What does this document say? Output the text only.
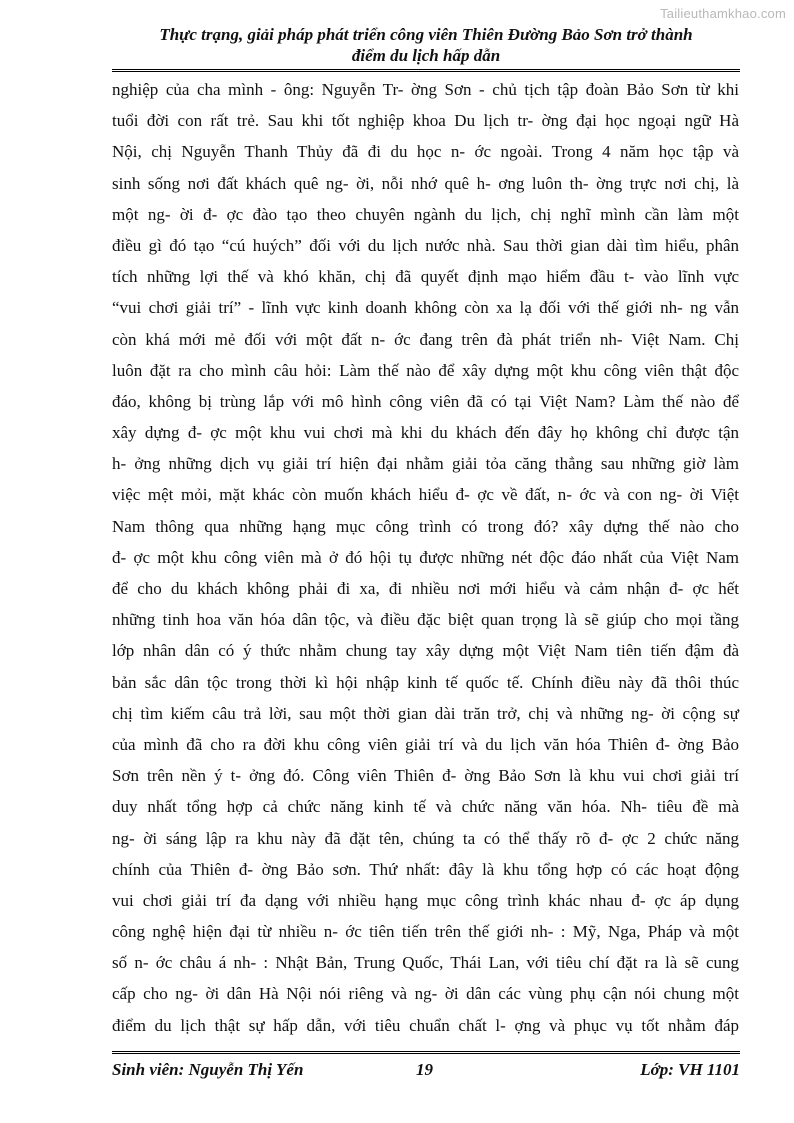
Tailieuthamkhao.com
Thực trạng, giải pháp phát triển công viên Thiên Đường Bảo Sơn trở thành
điểm du lịch hấp dẫn
nghiệp của cha mình - ông: Nguyễn Tr- ờng Sơn - chủ tịch tập đoàn Bảo Sơn từ khi
tuổi đời con rất trẻ. Sau khi tốt nghiệp khoa Du lịch tr- ờng đại học ngoại ngữ Hà
Nội, chị Nguyễn Thanh Thủy đã đi du học n- ớc ngoài. Trong 4 năm học tập và
sinh sống nơi đất khách quê ng- ời, nỗi nhớ quê h- ơng luôn th- ờng trực nơi chị, là
một ng- ời đ- ợc đào tạo theo chuyên ngành du lịch, chị nghĩ mình cần làm một
điều gì đó tạo “cú huých” đối với du lịch nước nhà. Sau thời gian dài tìm hiểu, phân
tích những lợi thế và khó khăn, chị đã quyết định mạo hiểm đầu t- vào lĩnh vực
“vui chơi giải trí” - lĩnh vực kinh doanh không còn xa lạ đối với thế giới nh- ng vẫn
còn khá mới mẻ đối với một đất n- ớc đang trên đà phát triển nh- Việt Nam. Chị
luôn đặt ra cho mình câu hỏi: Làm thế nào để xây dựng một khu công viên thật độc
đáo, không bị trùng lắp với mô hình công viên đã có tại Việt Nam? Làm thế nào để
xây dựng đ- ợc một khu vui chơi mà khi du khách đến đây họ không chỉ được tận
h- ởng những dịch vụ giải trí hiện đại nhằm giải tỏa căng thẳng sau những giờ làm
việc mệt mỏi, mặt khác còn muốn khách hiểu đ- ợc về đất, n- ớc và con ng- ời Việt
Nam thông qua những hạng mục công trình có trong đó? xây dựng thế nào cho
đ- ợc một khu công viên mà ở đó hội tụ được những nét độc đáo nhất của Việt Nam
để cho du khách không phải đi xa, đi nhiều nơi mới hiểu và cảm nhận đ- ợc hết
những tinh hoa văn hóa dân tộc, và điều đặc biệt quan trọng là sẽ giúp cho mọi tầng
lớp nhân dân có ý thức nhằm chung tay xây dựng một Việt Nam tiên tiến đậm đà
bản sắc dân tộc trong thời kì hội nhập kinh tế quốc tế. Chính điều này đã thôi thúc
chị tìm kiếm câu trả lời, sau một thời gian dài trăn trở, chị và những ng- ời cộng sự
của mình đã cho ra đời khu công viên giải trí và du lịch văn hóa Thiên đ- ờng Bảo
Sơn trên nền ý t- ởng đó. Công viên Thiên đ- ờng Bảo Sơn là khu vui chơi giải trí
duy nhất tổng hợp cả chức năng kinh tế và chức năng văn hóa. Nh- tiêu đề mà
ng- ời sáng lập ra khu này đã đặt tên, chúng ta có thể thấy rõ đ- ợc 2 chức năng
chính của Thiên đ- ờng Bảo sơn. Thứ nhất: đây là khu tổng hợp có các hoạt động
vui chơi giải trí đa dạng với nhiều hạng mục công trình khác nhau đ- ợc áp dụng
công nghệ hiện đại từ nhiều n- ớc tiên tiến trên thế giới nh- : Mỹ, Nga, Pháp và một
số n- ớc châu á nh- : Nhật Bản, Trung Quốc, Thái Lan, với tiêu chí đặt ra là sẽ cung
cấp cho ng- ời dân Hà Nội nói riêng và ng- ời dân các vùng phụ cận nói chung một
điểm du lịch thật sự hấp dẫn, với tiêu chuẩn chất l- ợng và phục vụ tốt nhằm đáp
Sinh viên: Nguyễn Thị Yến	19	Lớp: VH 1101
